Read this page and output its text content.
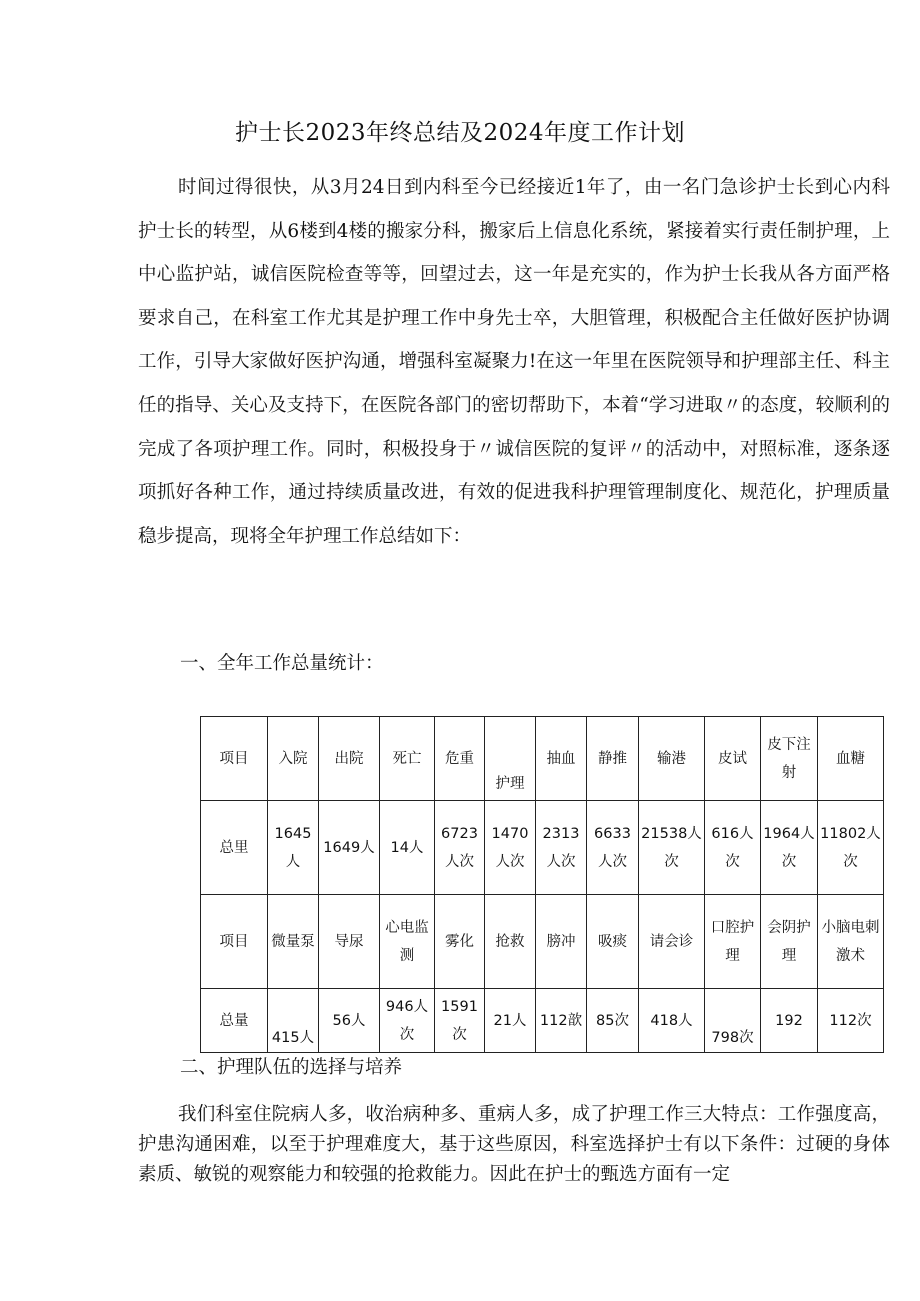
护士长2023年终总结及2024年度工作计划
时间过得很快，从3月24日到内科至今已经接近1年了，由一名门急诊护士长到心内科护士长的转型，从6楼到4楼的搬家分科，搬家后上信息化系统，紧接着实行责任制护理，上中心监护站，诚信医院检查等等，回望过去，这一年是充实的，作为护士长我从各方面严格要求自己，在科室工作尤其是护理工作中身先士卒，大胆管理，积极配合主任做好医护协调工作，引导大家做好医护沟通，增强科室凝聚力!在这一年里在医院领导和护理部主任、科主任的指导、关心及支持下，在医院各部门的密切帮助下，本着“学习进取〃的态度，较顺利的完成了各项护理工作。同时，积极投身于〃诚信医院的复评〃的活动中，对照标准，逐条逐项抓好各种工作，通过持续质量改进，有效的促进我科护理管理制度化、规范化，护理质量稳步提高，现将全年护理工作总结如下：
一、全年工作总量统计：
项目	入院	出院	死亡	危重	护理	抽血	静推	输港	皮试	皮下注射	血糖
总里	1645人	1649人	14人	6723人次	1470人次	2313人次	6633人次	21538人次	616人次	1964人次	11802人次
项目	微量泵	导尿	心电监测	雾化	抢救	膀冲	吸痰	请会诊	口腔护理	会阴护理	小脑电刺激术
总量	415人	56人	946人次	1591次	21人	112歆	85次	418人	798次	192	112次
二、护理队伍的选择与培养
我们科室住院病人多，收治病种多、重病人多，成了护理工作三大特点：工作强度高，护患沟通困难，以至于护理难度大，基于这些原因，科室选择护士有以下条件：过硬的身体素质、敏锐的观察能力和较强的抢救能力。因此在护士的甄选方面有一定
